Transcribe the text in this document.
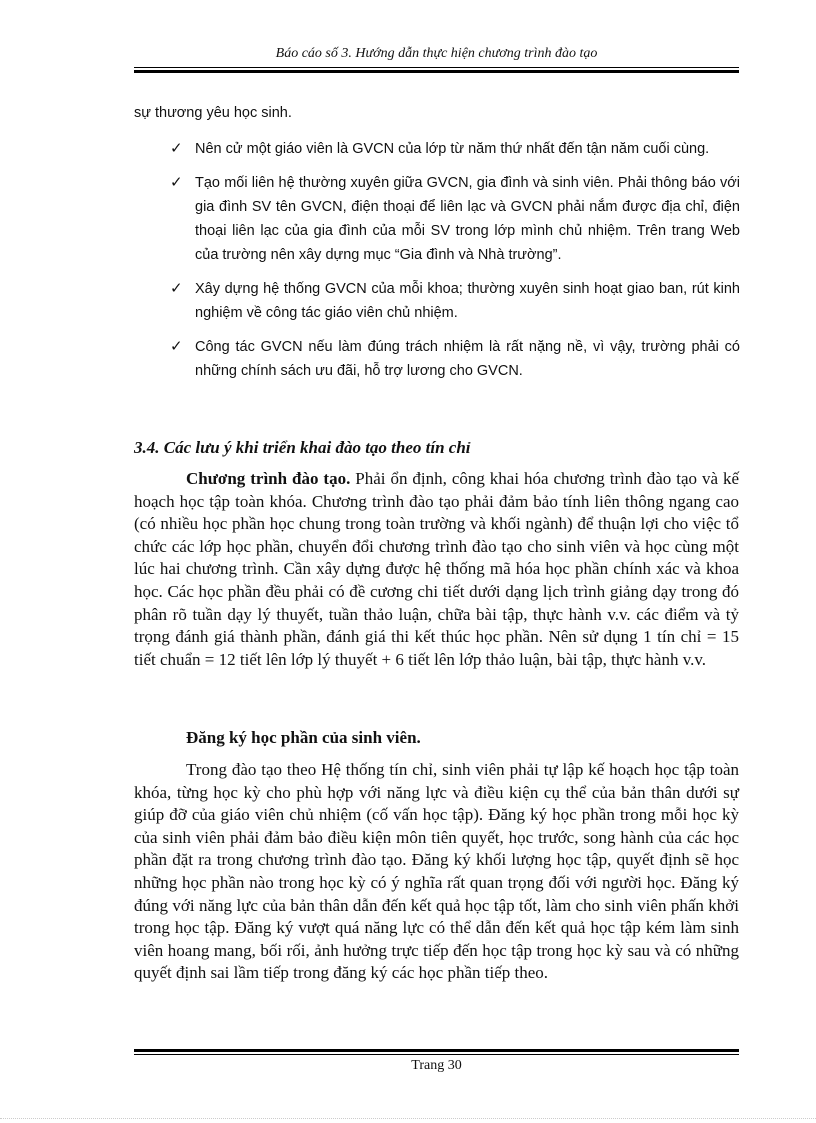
Báo cáo số 3. Hướng dẫn thực hiện chương trình đào tạo
sự thương yêu học sinh.
✓ Nên cử một giáo viên là GVCN của lớp từ năm thứ nhất đến tận năm cuối cùng.
✓ Tạo mối liên hệ thường xuyên giữa GVCN, gia đình và sinh viên. Phải thông báo với gia đình SV tên GVCN, điện thoại để liên lạc và GVCN phải nắm được địa chỉ, điện thoại liên lạc của gia đình của mỗi SV trong lớp mình chủ nhiệm. Trên trang Web của trường nên xây dựng mục “Gia đình và Nhà trường”.
✓ Xây dựng hệ thống GVCN của mỗi khoa; thường xuyên sinh hoạt giao ban, rút kinh nghiệm về công tác giáo viên chủ nhiệm.
✓ Công tác GVCN nếu làm đúng trách nhiệm là rất nặng nề, vì vậy, trường phải có những chính sách ưu đãi, hỗ trợ lương cho GVCN.
3.4. Các lưu ý khi triển khai đào tạo theo tín chỉ
Chương trình đào tạo. Phải ổn định, công khai hóa chương trình đào tạo và kế hoạch học tập toàn khóa. Chương trình đào tạo phải đảm bảo tính liên thông ngang cao (có nhiều học phần học chung trong toàn trường và khối ngành) để thuận lợi cho việc tổ chức các lớp học phần, chuyển đổi chương trình đào tạo cho sinh viên và học cùng một lúc hai chương trình. Cần xây dựng được hệ thống mã hóa học phần chính xác và khoa học. Các học phần đều phải có đề cương chi tiết dưới dạng lịch trình giảng dạy trong đó phân rõ tuần dạy lý thuyết, tuần thảo luận, chữa bài tập, thực hành v.v. các điểm và tỷ trọng đánh giá thành phần, đánh giá thi kết thúc học phần. Nên sử dụng 1 tín chỉ = 15 tiết chuẩn = 12 tiết lên lớp lý thuyết + 6 tiết lên lớp thảo luận, bài tập, thực hành v.v.
Đăng ký học phần của sinh viên.
Trong đào tạo theo Hệ thống tín chỉ, sinh viên phải tự lập kế hoạch học tập toàn khóa, từng học kỳ cho phù hợp với năng lực và điều kiện cụ thể của bản thân dưới sự giúp đỡ của giáo viên chủ nhiệm (cố vấn học tập). Đăng ký học phần trong mỗi học kỳ của sinh viên phải đảm bảo điều kiện môn tiên quyết, học trước, song hành của các học phần đặt ra trong chương trình đào tạo. Đăng ký khối lượng học tập, quyết định sẽ học những học phần nào trong học kỳ có ý nghĩa rất quan trọng đối với người học. Đăng ký đúng với năng lực của bản thân dẫn đến kết quả học tập tốt, làm cho sinh viên phấn khởi trong học tập. Đăng ký vượt quá năng lực có thể dẫn đến kết quả học tập kém làm sinh viên hoang mang, bối rối, ảnh hưởng trực tiếp đến học tập trong học kỳ sau và có những quyết định sai lầm tiếp trong đăng ký các học phần tiếp theo.
Trang 30
